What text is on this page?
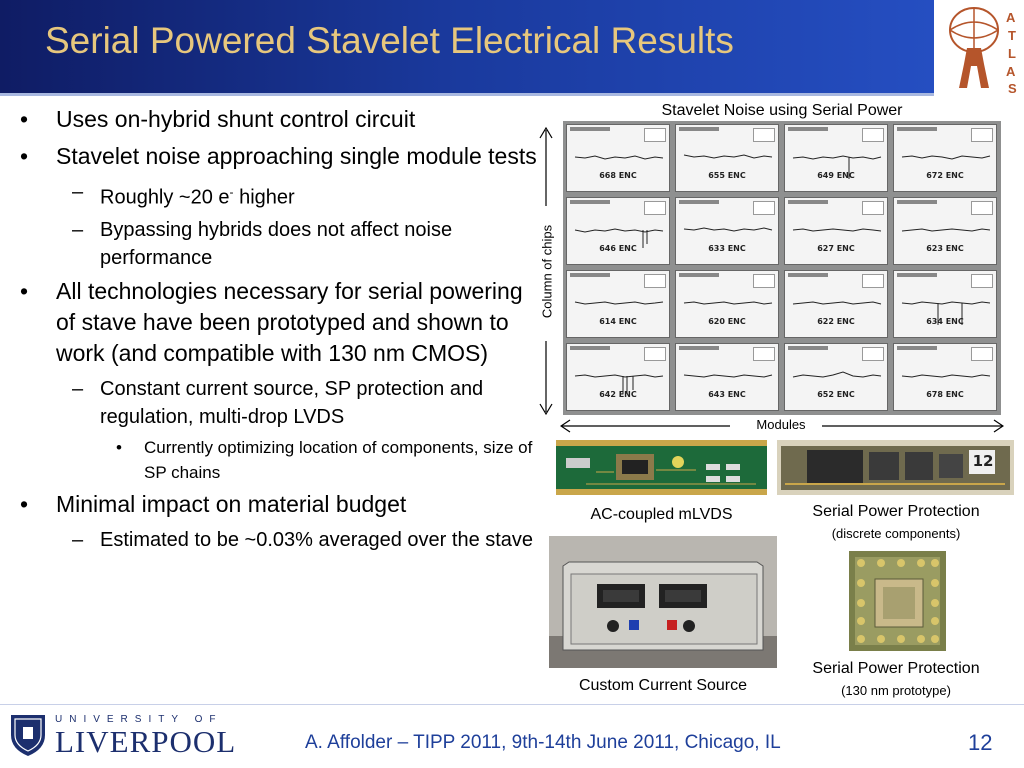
Serial Powered Stavelet Electrical Results
A
T
L
A
S
• Uses on-hybrid shunt control circuit
• Stavelet noise approaching single module tests
– Roughly ~20 e- higher
– Bypassing hybrids does not affect noise performance
• All technologies necessary for serial powering of stave have been prototyped and shown to work (and compatible with 130 nm CMOS)
– Constant current source, SP protection and regulation, multi-drop LVDS
• Currently optimizing location of components, size of SP chains
• Minimal impact on material budget
– Estimated to be ~0.03% averaged over the stave
Stavelet Noise using Serial Power
Column of chips
Modules
668 ENC	655 ENC	649 ENC	672 ENC
646 ENC	633 ENC	627 ENC	623 ENC
614 ENC	620 ENC	622 ENC	634 ENC
642 ENC	643 ENC	652 ENC	678 ENC
AC-coupled mLVDS
12
Serial Power Protection
(discrete components)
Custom Current Source
Serial Power Protection
(130 nm prototype)
UNIVERSITY OF
LIVERPOOL	A. Affolder – TIPP 2011, 9th-14th June 2011, Chicago, IL	12
